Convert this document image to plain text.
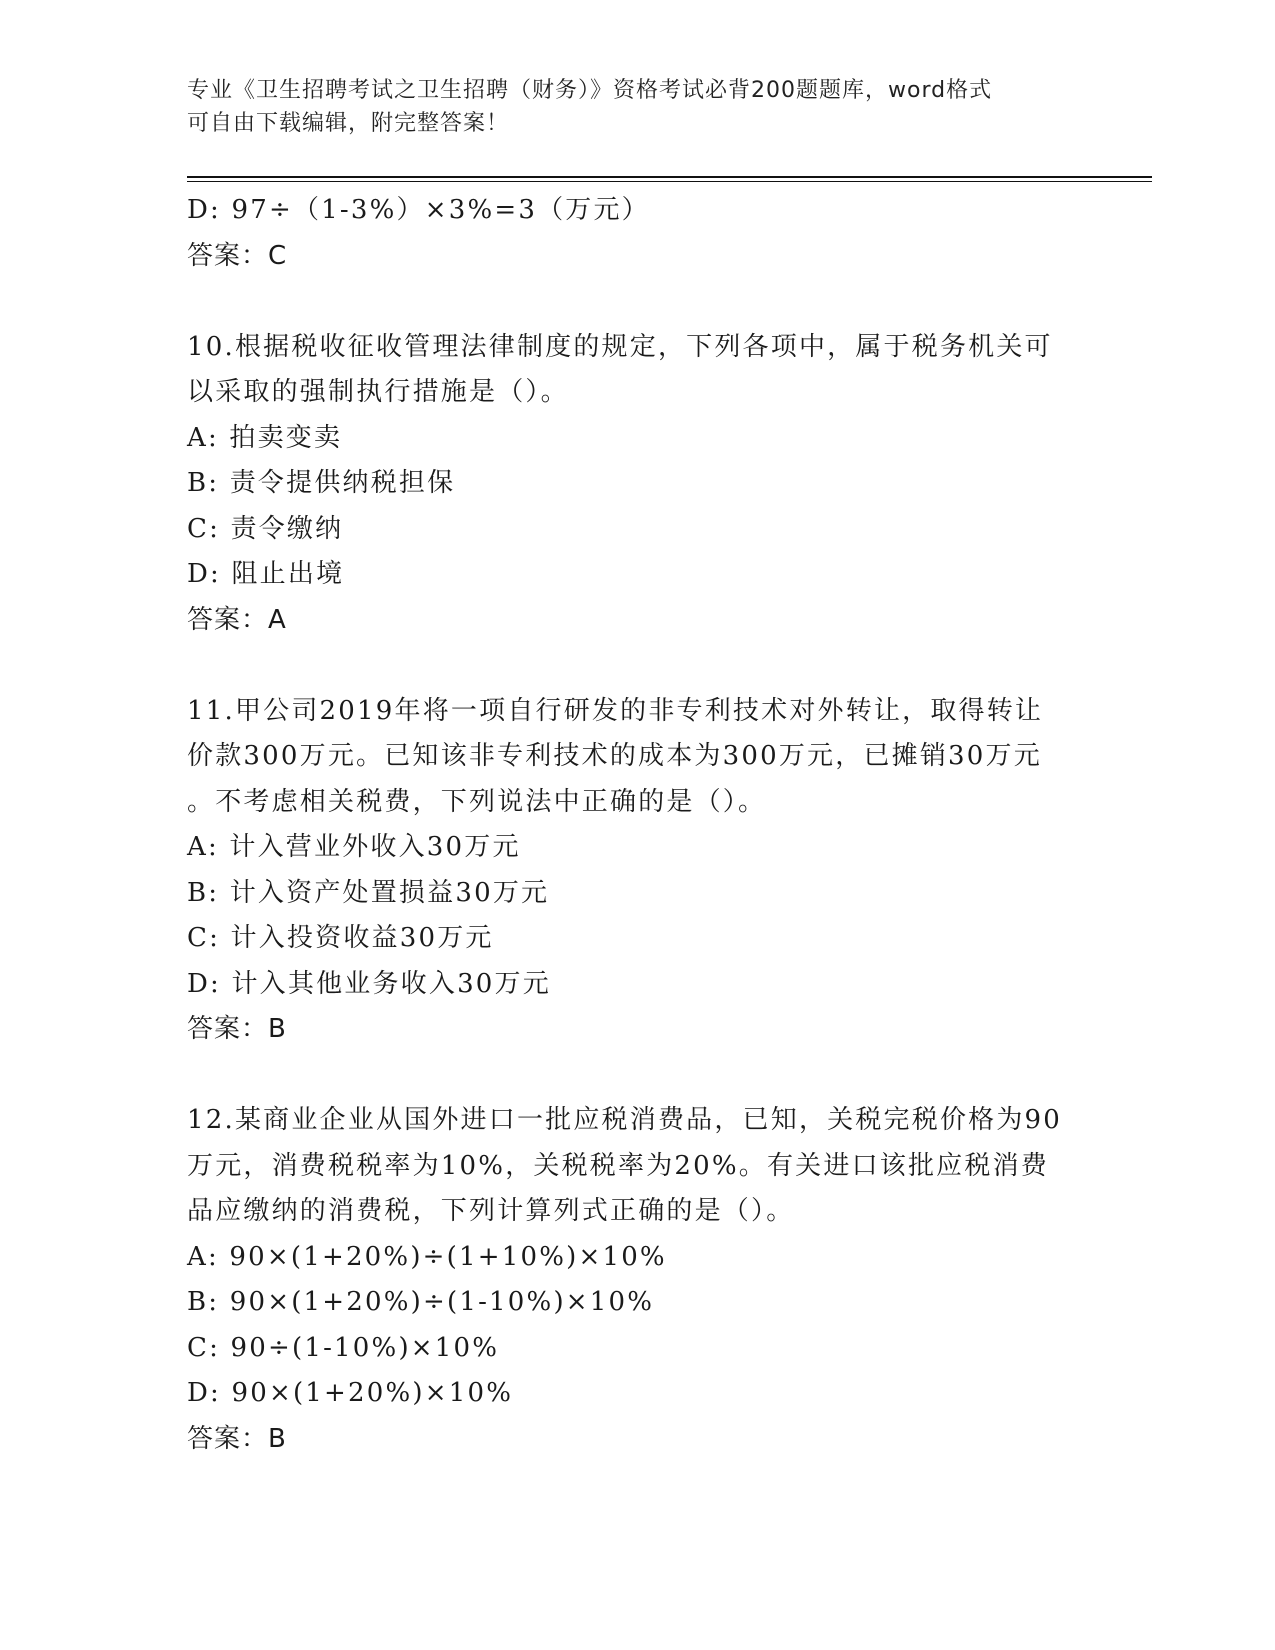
专业《卫生招聘考试之卫生招聘（财务）》资格考试必背200题题库，word格式
可自由下载编辑，附完整答案！
D: 97÷（1-3%）×3%=3（万元）
答案：C
10.根据税收征收管理法律制度的规定，下列各项中，属于税务机关可
以采取的强制执行措施是（）。
A: 拍卖变卖
B: 责令提供纳税担保
C: 责令缴纳
D: 阻止出境
答案：A
11.甲公司2019年将一项自行研发的非专利技术对外转让，取得转让
价款300万元。已知该非专利技术的成本为300万元，已摊销30万元
。不考虑相关税费，下列说法中正确的是（）。
A: 计入营业外收入30万元
B: 计入资产处置损益30万元
C: 计入投资收益30万元
D: 计入其他业务收入30万元
答案：B
12.某商业企业从国外进口一批应税消费品，已知，关税完税价格为90
万元，消费税税率为10%，关税税率为20%。有关进口该批应税消费
品应缴纳的消费税，下列计算列式正确的是（）。
A: 90×(1+20%)÷(1+10%)×10%
B: 90×(1+20%)÷(1-10%)×10%
C: 90÷(1-10%)×10%
D: 90×(1+20%)×10%
答案：B
